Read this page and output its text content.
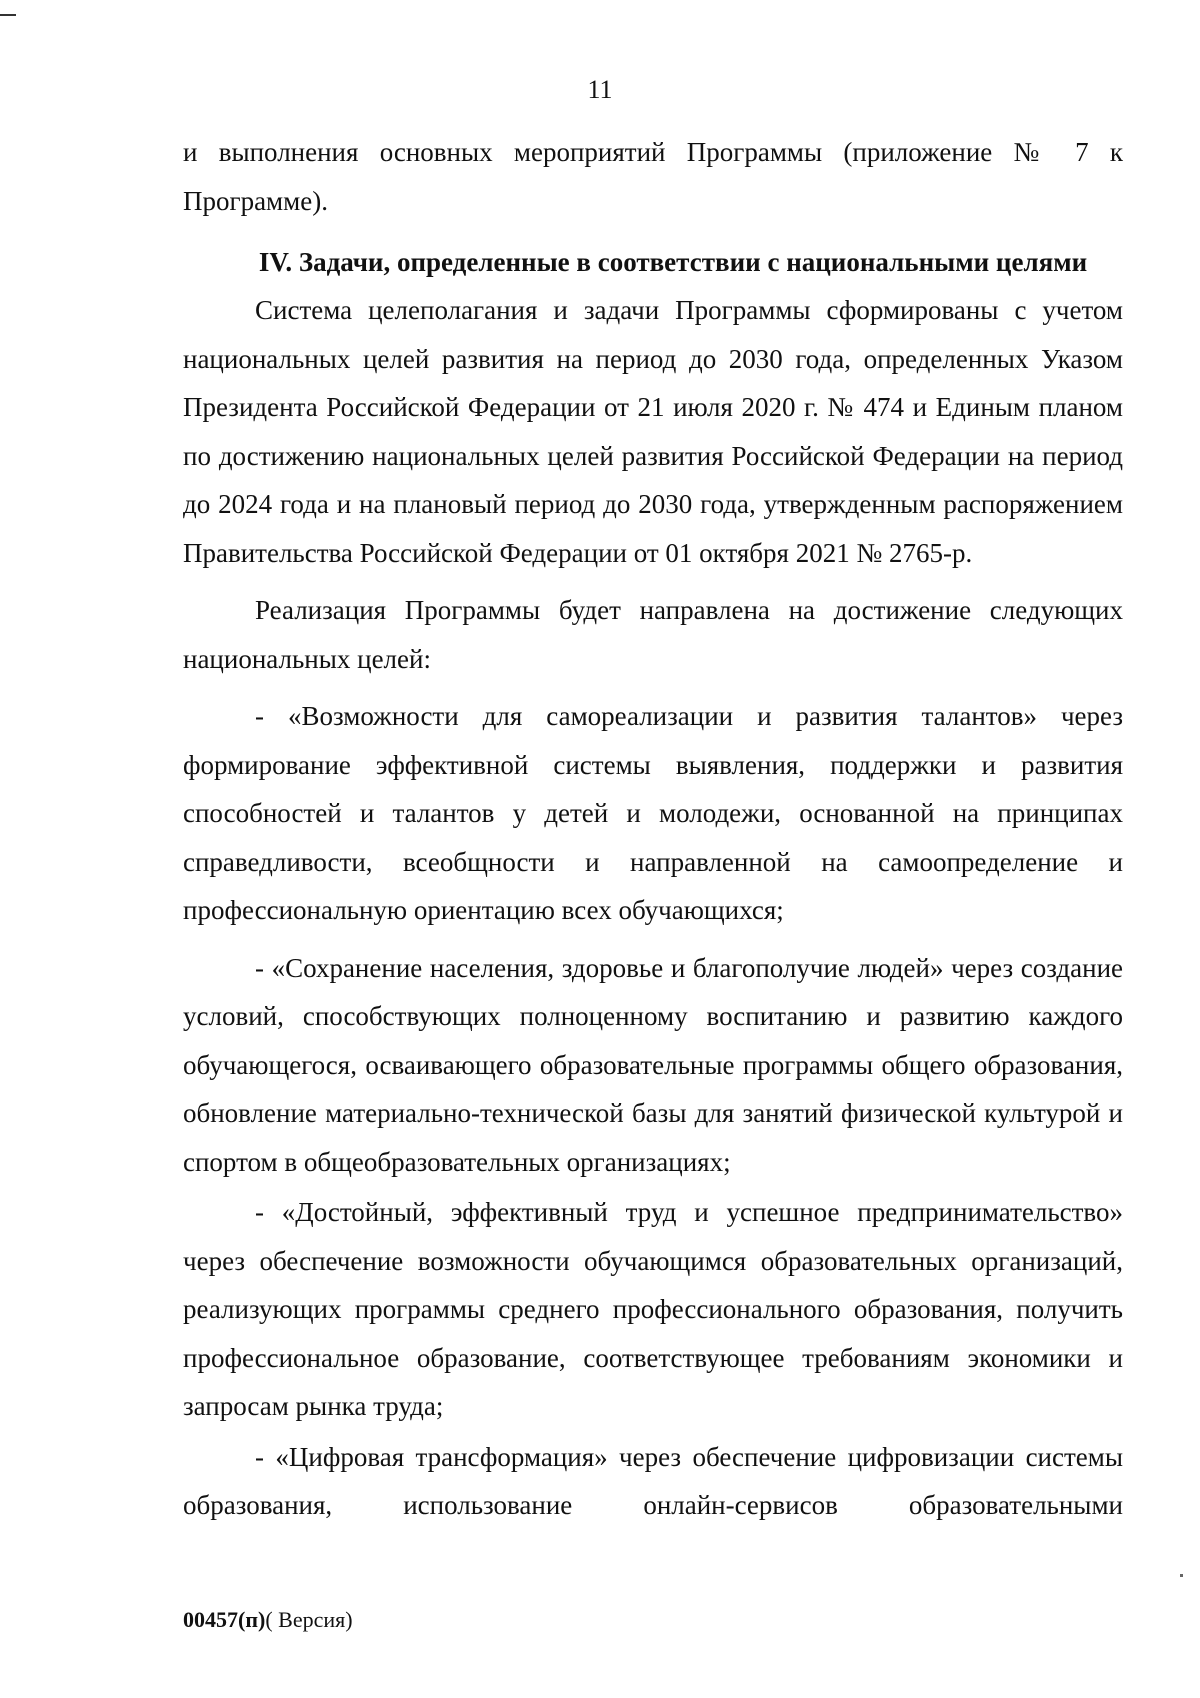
11

и выполнения основных мероприятий Программы (приложение № 7 к Программе).

IV. Задачи, определенные в соответствии с национальными целями

Система целеполагания и задачи Программы сформированы с учетом национальных целей развития на период до 2030 года, определенных Указом Президента Российской Федерации от 21 июля 2020 г. № 474 и Единым планом по достижению национальных целей развития Российской Федерации на период до 2024 года и на плановый период до 2030 года, утвержденным распоряжением Правительства Российской Федерации от 01 октября 2021 № 2765-р.

Реализация Программы будет направлена на достижение следующих национальных целей:

- «Возможности для самореализации и развития талантов» через формирование эффективной системы выявления, поддержки и развития способностей и талантов у детей и молодежи, основанной на принципах справедливости, всеобщности и направленной на самоопределение и профессиональную ориентацию всех обучающихся;

- «Сохранение населения, здоровье и благополучие людей» через создание условий, способствующих полноценному воспитанию и развитию каждого обучающегося, осваивающего образовательные программы общего образования, обновление материально-технической базы для занятий физической культурой и спортом в общеобразовательных организациях;

- «Достойный, эффективный труд и успешное предпринимательство» через обеспечение возможности обучающимся образовательных организаций, реализующих программы среднего профессионального образования, получить профессиональное образование, соответствующее требованиям экономики и запросам рынка труда;

- «Цифровая трансформация» через обеспечение цифровизации системы образования, использование онлайн-сервисов образовательными

00457(п)( Версия)
